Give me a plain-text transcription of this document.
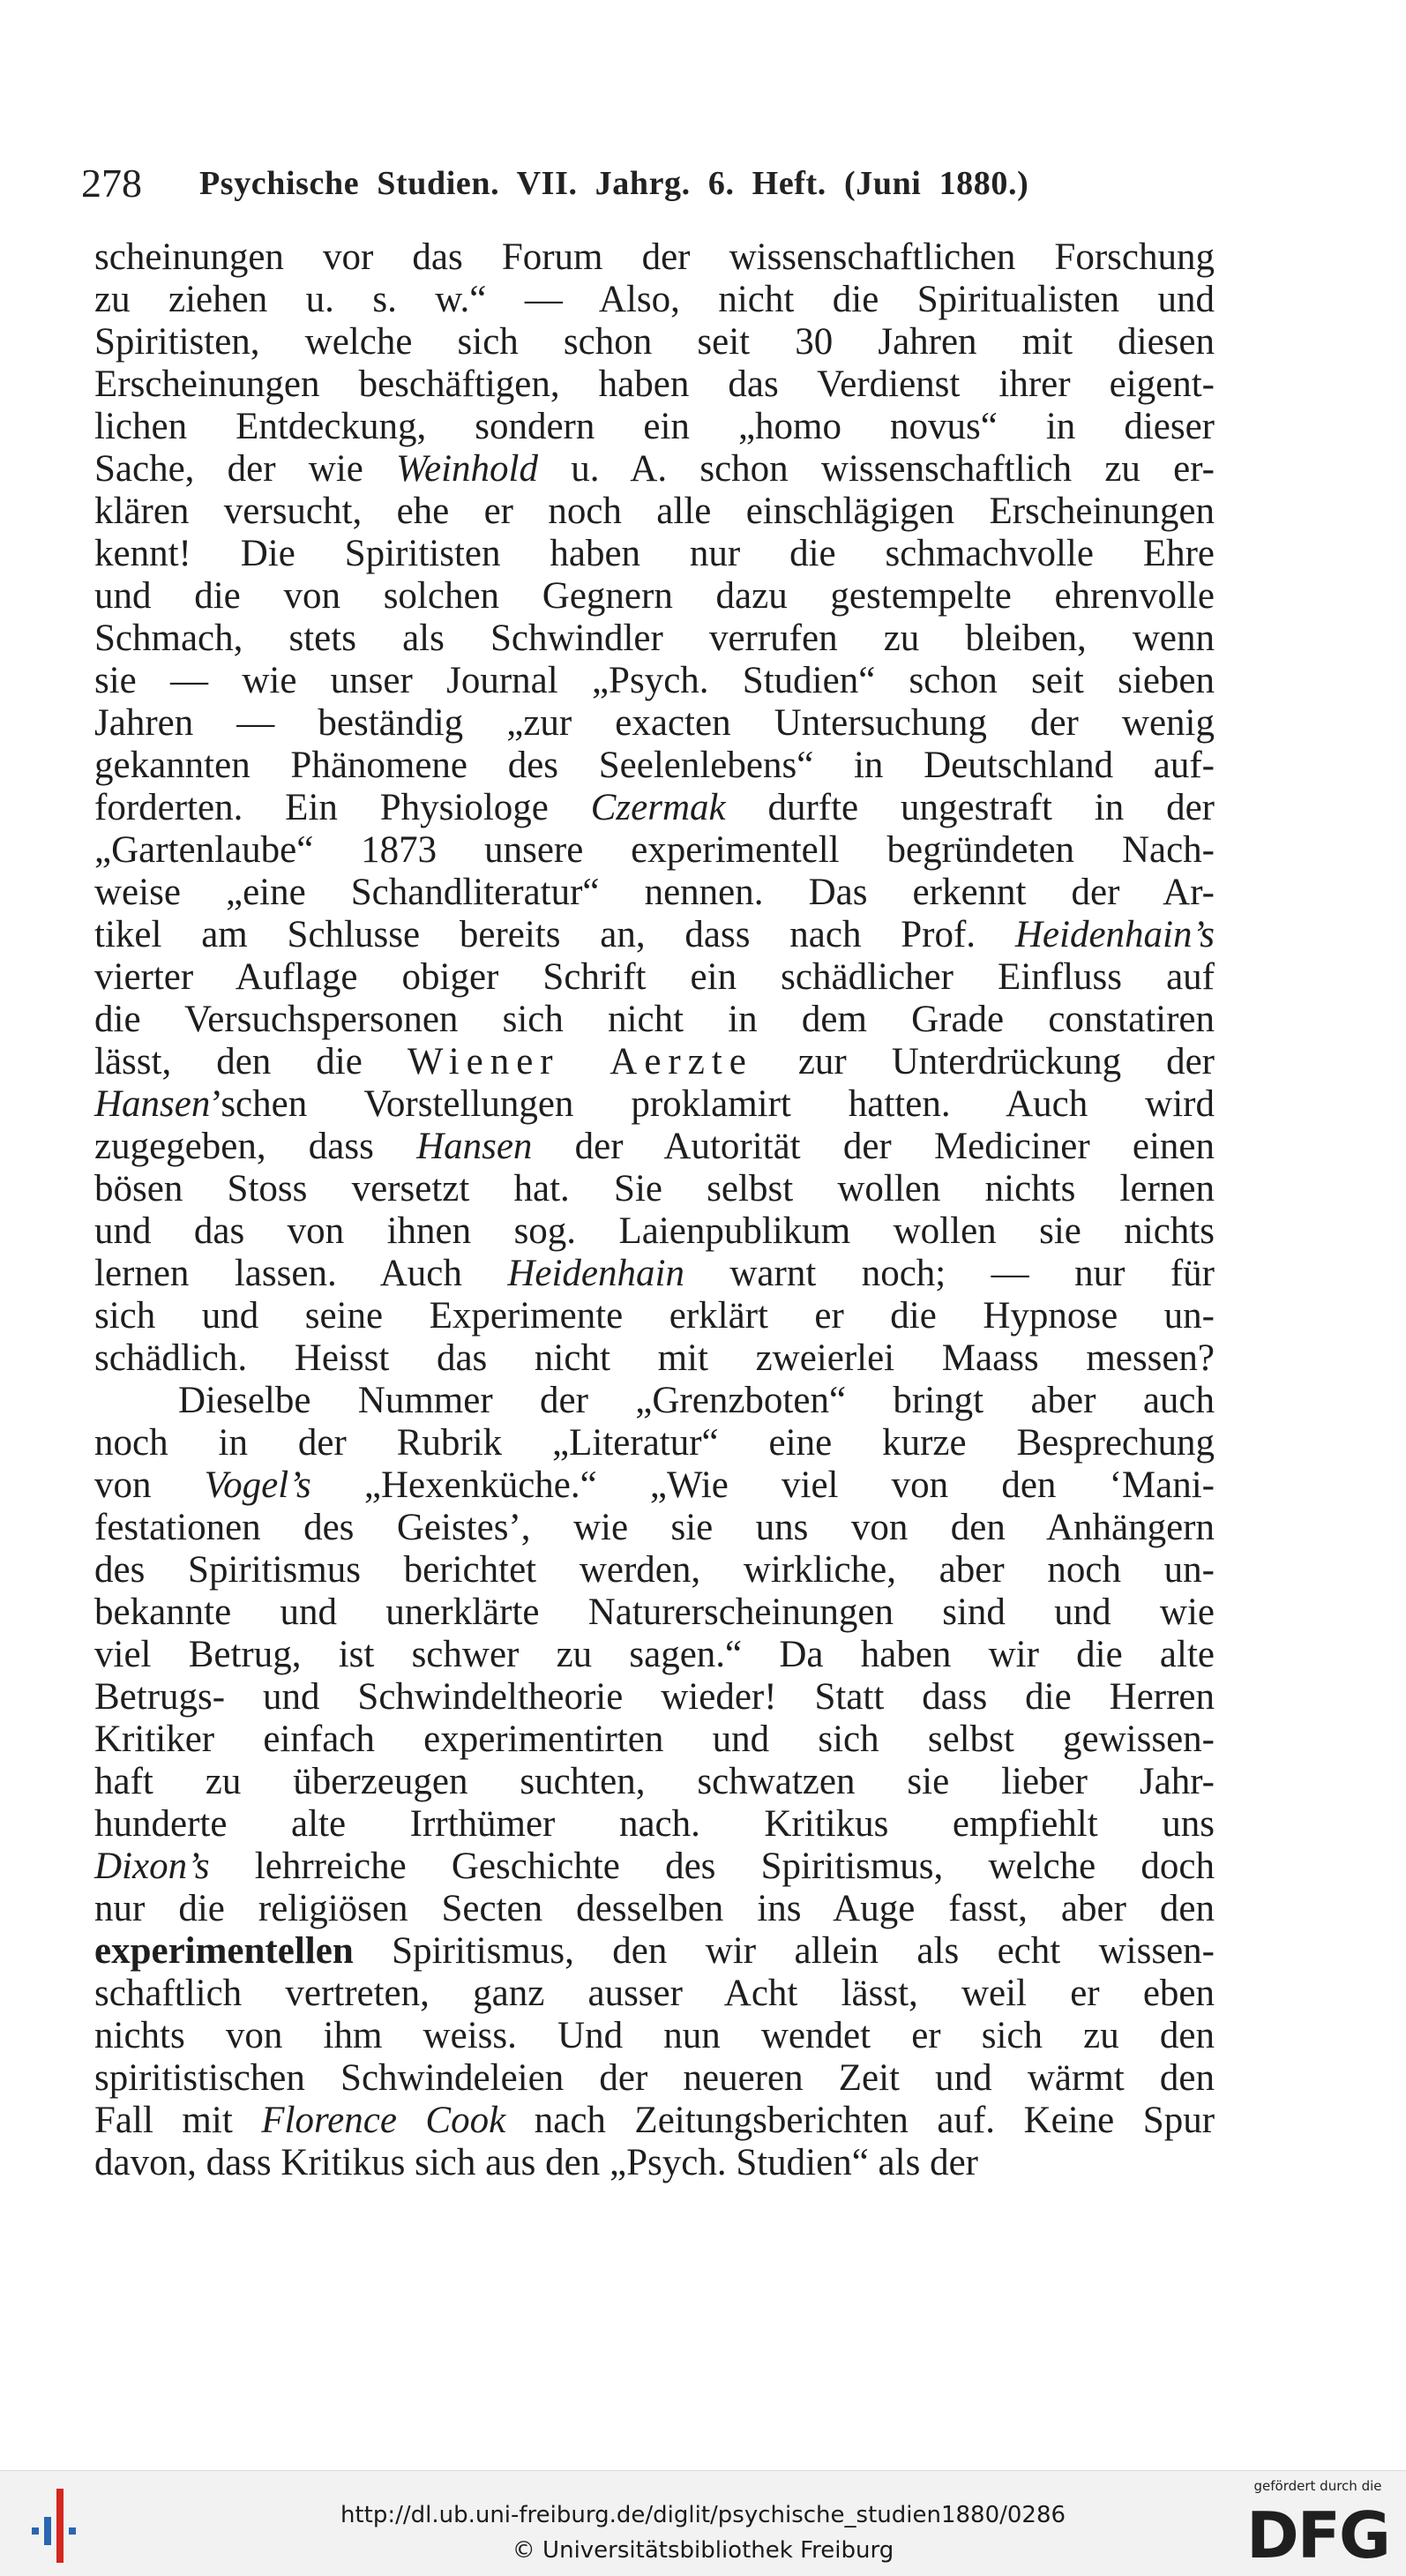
278 Psychische Studien. VII. Jahrg. 6. Heft. (Juni 1880.)
scheinungen vor das Forum der wissenschaftlichen Forschung
zu ziehen u. s. w.“ — Also, nicht die Spiritualisten und
Spiritisten, welche sich schon seit 30 Jahren mit diesen
Erscheinungen beschäftigen, haben das Verdienst ihrer eigent-
lichen Entdeckung, sondern ein „homo novus“ in dieser
Sache, der wie Weinhold u. A. schon wissenschaftlich zu er-
klären versucht, ehe er noch alle einschlägigen Erscheinungen
kennt! Die Spiritisten haben nur die schmachvolle Ehre
und die von solchen Gegnern dazu gestempelte ehrenvolle
Schmach, stets als Schwindler verrufen zu bleiben, wenn
sie — wie unser Journal „Psych. Studien“ schon seit sieben
Jahren — beständig „zur exacten Untersuchung der wenig
gekannten Phänomene des Seelenlebens“ in Deutschland auf-
forderten. Ein Physiologe Czermak durfte ungestraft in der
„Gartenlaube“ 1873 unsere experimentell begründeten Nach-
weise „eine Schandliteratur“ nennen. Das erkennt der Ar-
tikel am Schlusse bereits an, dass nach Prof. Heidenhain’s
vierter Auflage obiger Schrift ein schädlicher Einfluss auf
die Versuchspersonen sich nicht in dem Grade constatiren
lässt, den die Wiener Aerzte zur Unterdrückung der
Hansen’schen Vorstellungen proklamirt hatten. Auch wird
zugegeben, dass Hansen der Autorität der Mediciner einen
bösen Stoss versetzt hat. Sie selbst wollen nichts lernen
und das von ihnen sog. Laienpublikum wollen sie nichts
lernen lassen. Auch Heidenhain warnt noch; — nur für
sich und seine Experimente erklärt er die Hypnose un-
schädlich. Heisst das nicht mit zweierlei Maass messen?
Dieselbe Nummer der „Grenzboten“ bringt aber auch
noch in der Rubrik „Literatur“ eine kurze Besprechung
von Vogel’s „Hexenküche.“ „Wie viel von den ‘Mani-
festationen des Geistes’, wie sie uns von den Anhängern
des Spiritismus berichtet werden, wirkliche, aber noch un-
bekannte und unerklärte Naturerscheinungen sind und wie
viel Betrug, ist schwer zu sagen.“ Da haben wir die alte
Betrugs- und Schwindeltheorie wieder! Statt dass die Herren
Kritiker einfach experimentirten und sich selbst gewissen-
haft zu überzeugen suchten, schwatzen sie lieber Jahr-
hunderte alte Irrthümer nach. Kritikus empfiehlt uns
Dixon’s lehrreiche Geschichte des Spiritismus, welche doch
nur die religiösen Secten desselben ins Auge fasst, aber den
experimentellen Spiritismus, den wir allein als echt wissen-
schaftlich vertreten, ganz ausser Acht lässt, weil er eben
nichts von ihm weiss. Und nun wendet er sich zu den
spiritistischen Schwindeleien der neueren Zeit und wärmt den
Fall mit Florence Cook nach Zeitungsberichten auf. Keine Spur
davon, dass Kritikus sich aus den „Psych. Studien“ als der
http://dl.ub.uni-freiburg.de/diglit/psychische_studien1880/0286
© Universitätsbibliothek Freiburg
gefördert durch die
DFG
